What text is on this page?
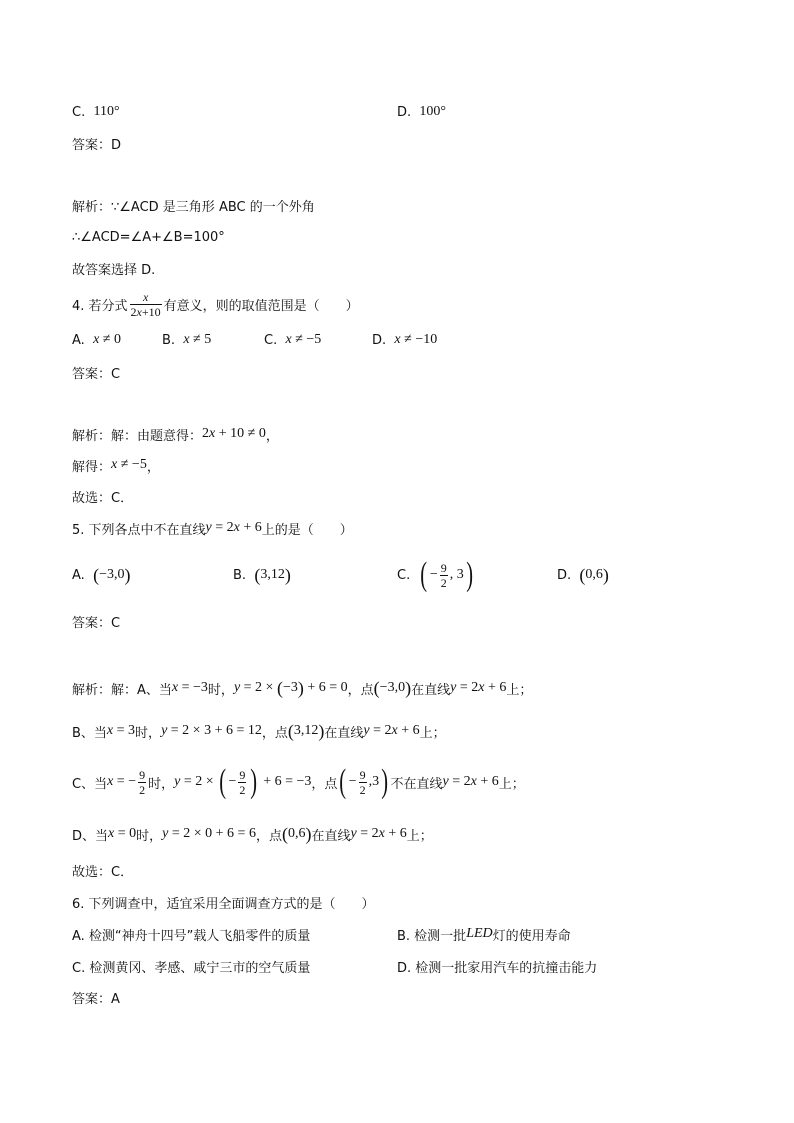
C. 110°	D. 100°
答案：D
解析：∵∠ACD 是三角形 ABC 的一个外角
∴∠ACD=∠A+∠B=100°
故答案选择 D.
4. 若分式 $\frac{x}{2 x +10}$ 有意义，则的取值范围是（　　）
A. x ≠ 0	B. x ≠ 5	C. x ≠ −5	D. x ≠ −10
答案：C
解析：解：由题意得： 2 x + 10 ≠ 0 ，
解得： x ≠ −5 ，
故选：C．
5. 下列各点中不在直线 y = 2 x + 6 上的是（　　）
A. ( −3,0 )	B. ( 3,12 )	C. ( − $\frac{9}{2}$ , 3 )	D. ( 0,6 )
答案：C
解析：解：A、当 x = −3 时， y = 2 × ( −3 ) + 6 = 0 ，点 ( −3,0 ) 在直线 y = 2 x + 6 上；
B、当 x = 3 时， y = 2 × 3 + 6 = 12 ，点 ( 3,12 ) 在直线 y = 2 x + 6 上；
C、当 x = − $\frac{9}{2}$ 时， y = 2 × ( − $\frac{9}{2}$ ) + 6 = −3 ，点 ( − $\frac{9}{2} ,3$ ) 不在直线 y = 2 x + 6 上；
D、当 x = 0 时， y = 2 × 0 + 6 = 6 ，点 ( 0,6 ) 在直线 y = 2 x + 6 上；
故选：C．
6. 下列调查中，适宜采用全面调查方式的是（　　）
A. 检测“神舟十四号”载人飞船零件的质量	B. 检测一批 LED 灯的使用寿命
C. 检测黄冈、孝感、咸宁三市的空气质量	D. 检测一批家用汽车的抗撞击能力
答案：A
